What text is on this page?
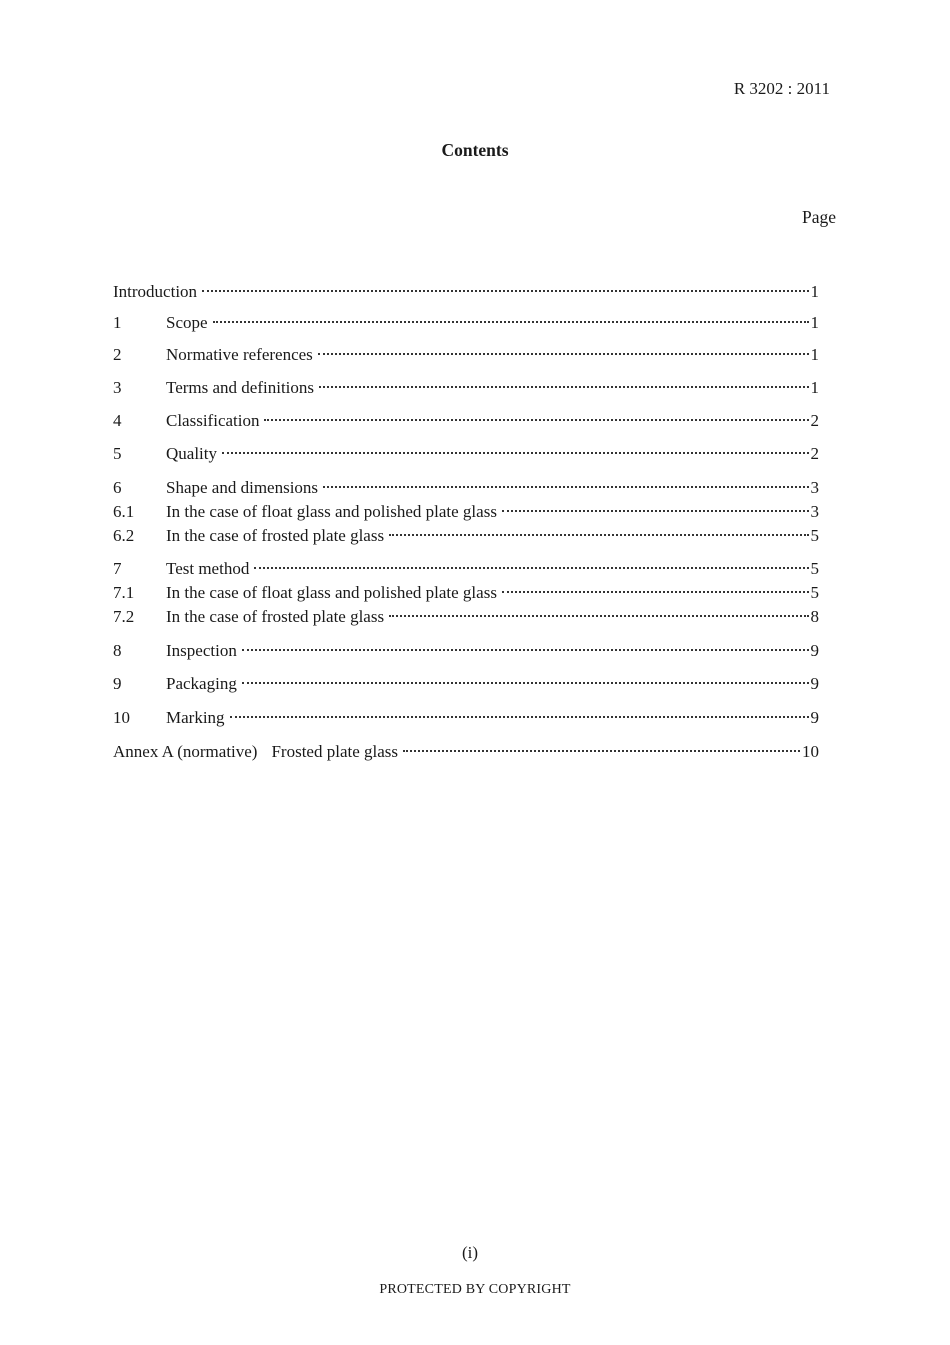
R 3202 : 2011
Contents
Page
Introduction	1
1	Scope	1
2	Normative references	1
3	Terms and definitions	1
4	Classification	2
5	Quality	2
6	Shape and dimensions	3
6.1	In the case of float glass and polished plate glass	3
6.2	In the case of frosted plate glass	5
7	Test method	5
7.1	In the case of float glass and polished plate glass	5
7.2	In the case of frosted plate glass	8
8	Inspection	9
9	Packaging	9
10	Marking	9
Annex A (normative) Frosted plate glass	10
(i)
PROTECTED BY COPYRIGHT
